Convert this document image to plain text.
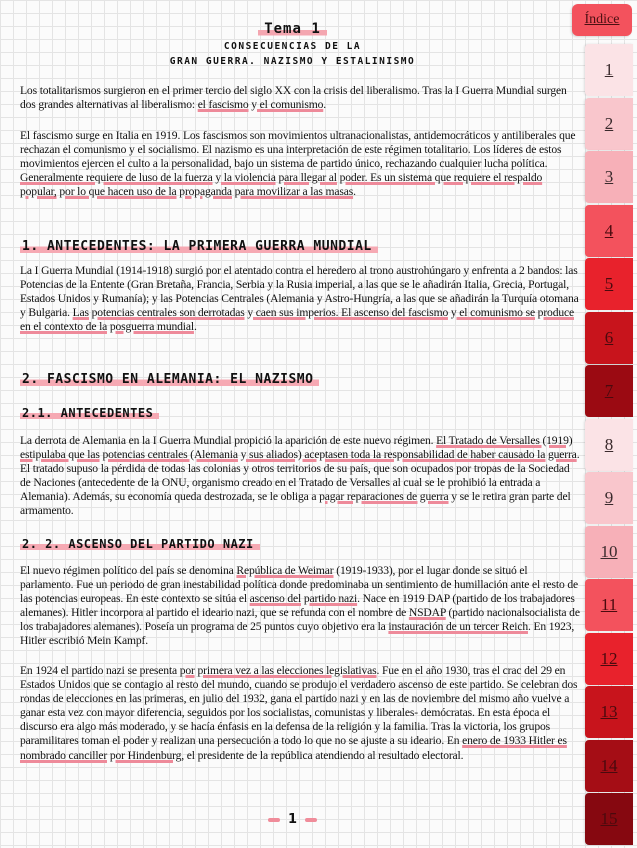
Tema 1
CONSECUENCIAS DE LA
GRAN GUERRA. NAZISMO Y ESTALINISMO

Los totalitarismos surgieron en el primer tercio del siglo XX con la crisis del liberalismo. Tras la I Guerra Mundial surgen dos grandes alternativas al liberalismo: el fascismo y el comunismo.

El fascismo surge en Italia en 1919. Los fascismos son movimientos ultranacionalistas, antidemocráticos y antiliberales que rechazan el comunismo y el socialismo. El nazismo es una interpretación de este régimen totalitario. Los líderes de estos movimientos ejercen el culto a la personalidad, bajo un sistema de partido único, rechazando cualquier lucha política. Generalmente requiere de luso de la fuerza y la violencia para llegar al poder. Es un sistema que requiere el respaldo popular, por lo que hacen uso de la propaganda para movilizar a las masas.

1. ANTECEDENTES: LA PRIMERA GUERRA MUNDIAL

La I Guerra Mundial (1914-1918) surgió por el atentado contra el heredero al trono austrohúngaro y enfrenta a 2 bandos: las Potencias de la Entente (Gran Bretaña, Francia, Serbia y la Rusia imperial, a las que se le añadirán Italia, Grecia, Portugal, Estados Unidos y Rumanía); y las Potencias Centrales (Alemania y Astro-Hungría, a las que se añadirán la Turquía otomana y Bulgaria. Las potencias centrales son derrotadas y caen sus imperios. El ascenso del fascismo y el comunismo se produce en el contexto de la posguerra mundial.

2. FASCISMO EN ALEMANIA: EL NAZISMO
2.1. ANTECEDENTES

La derrota de Alemania en la I Guerra Mundial propició la aparición de este nuevo régimen. El Tratado de Versalles (1919) estipulaba que las potencias centrales (Alemania y sus aliados) aceptasen toda la responsabilidad de haber causado la guerra. El tratado supuso la pérdida de todas las colonias y otros territorios de su país, que son ocupados por tropas de la Sociedad de Naciones (antecedente de la ONU, organismo creado en el Tratado de Versalles al cual se le prohibió la entrada a Alemania). Además, su economía queda destrozada, se le obliga a pagar reparaciones de guerra y se le retira gran parte del armamento.

2. 2. ASCENSO DEL PARTIDO NAZI

El nuevo régimen político del país se denomina República de Weimar (1919-1933), por el lugar donde se situó el parlamento. Fue un periodo de gran inestabilidad política donde predominaba un sentimiento de humillación ante el resto de las potencias europeas. En este contexto se sitúa el ascenso del partido nazi. Nace en 1919 DAP (partido de los trabajadores alemanes). Hitler incorpora al partido el ideario nazi, que se refunda con el nombre de NSDAP (partido nacionalsocialista de los trabajadores alemanes). Poseía un programa de 25 puntos cuyo objetivo era la instauración de un tercer Reich. En 1923, Hitler escribió Mein Kampf.

En 1924 el partido nazi se presenta por primera vez a las elecciones legislativas. Fue en el año 1930, tras el crac del 29 en Estados Unidos que se contagio al resto del mundo, cuando se produjo el verdadero ascenso de este partido. Se celebran dos rondas de elecciones en las primeras, en julio del 1932, gana el partido nazi y en las de noviembre del mismo año vuelve a ganar esta vez con mayor diferencia, seguidos por los socialistas, comunistas y liberales- demócratas. En esta época el discurso era algo más moderado, y se hacía énfasis en la defensa de la religión y la familia. Tras la victoria, los grupos paramilitares toman el poder y realizan una persecución a todo lo que no se ajuste a su ideario. En enero de 1933 Hitler es nombrado canciller por Hindenburg, el presidente de la república atendiendo al resultado electoral.

1
Índice
1
2
3
4
5
6
7
8
9
10
11
12
13
14
15
